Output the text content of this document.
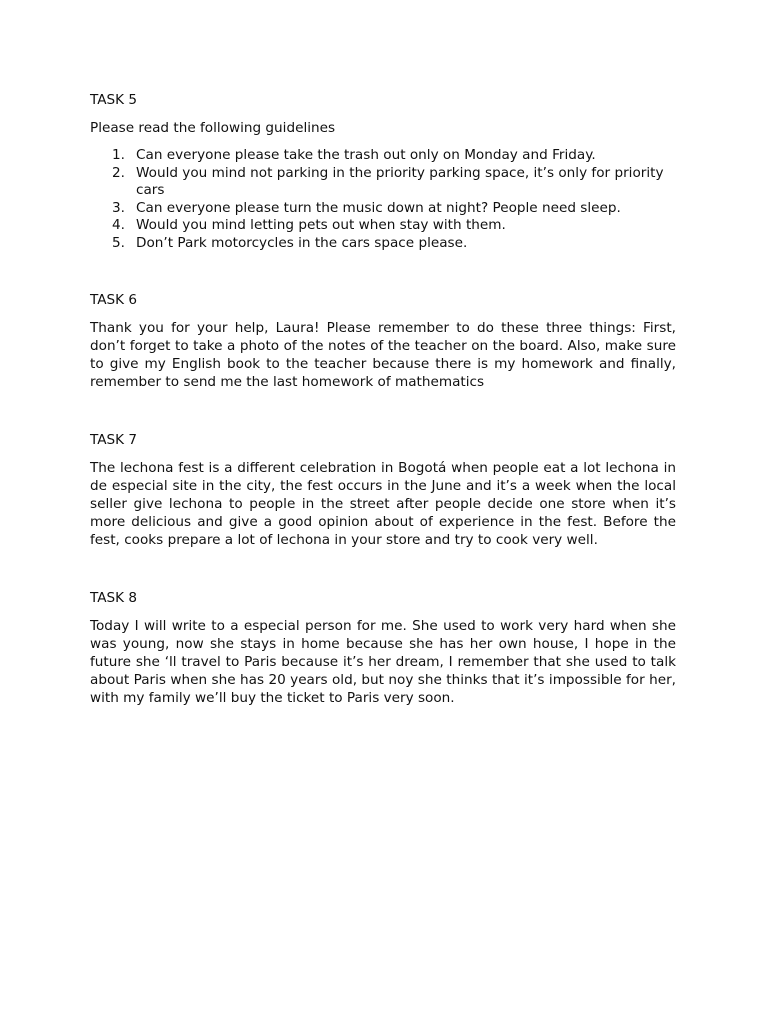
TASK 5

Please read the following guidelines

1. Can everyone please take the trash out only on Monday and Friday.
2. Would you mind not parking in the priority parking space, it’s only for priority cars
3. Can everyone please turn the music down at night? People need sleep.
4. Would you mind letting pets out when stay with them.
5. Don’t Park motorcycles in the cars space please.

TASK 6

Thank you for your help, Laura! Please remember to do these three things: First, don’t forget to take a photo of the notes of the teacher on the board. Also, make sure to give my English book to the teacher because there is my homework and finally, remember to send me the last homework of mathematics

TASK 7

The lechona fest is a different celebration in Bogotá when people eat a lot lechona in de especial site in the city, the fest occurs in the June and it’s a week when the local seller give lechona to people in the street after people decide one store when it’s more delicious and give a good opinion about of experience in the fest. Before the fest, cooks prepare a lot of lechona in your store and try to cook very well.

TASK 8

Today I will write to a especial person for me. She used to work very hard when she was young, now she stays in home because she has her own house, I hope in the future she ‘ll travel to Paris because it’s her dream, I remember that she used to talk about Paris when she has 20 years old, but noy she thinks that it’s impossible for her, with my family we’ll buy the ticket to Paris very soon.
